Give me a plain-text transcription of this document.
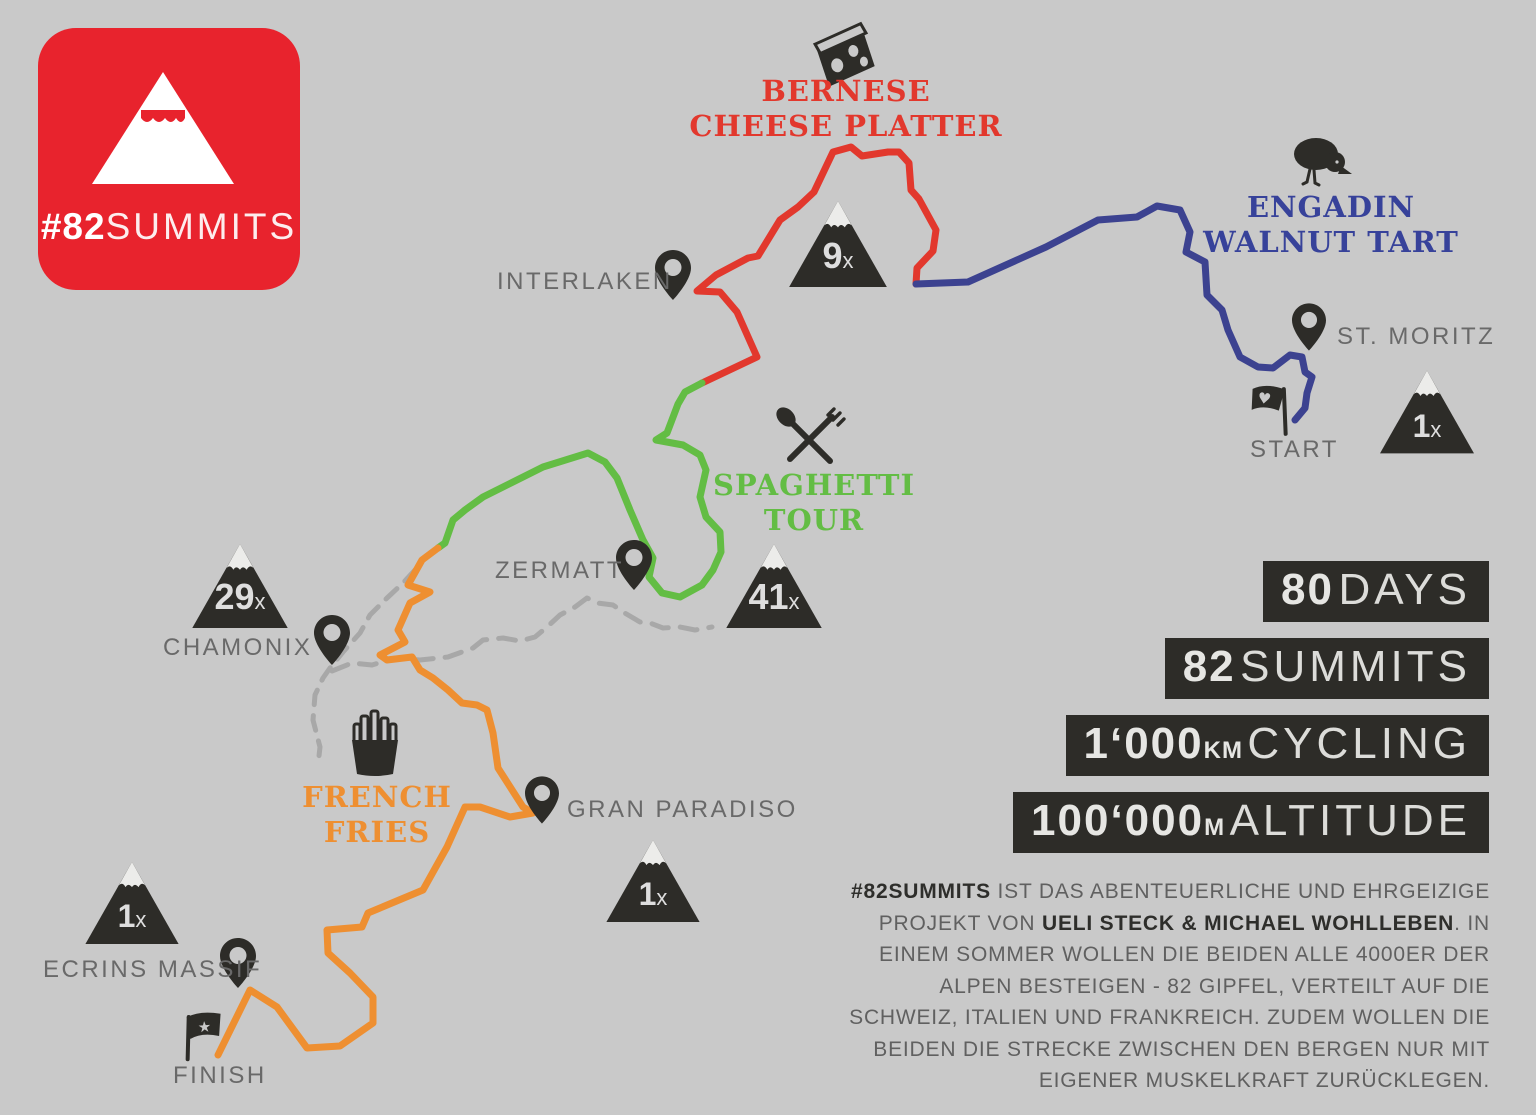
#82SUMMITS
BERNESE
CHEESE PLATTER
ENGADIN
WALNUT TART
SPAGHETTI
TOUR
FRENCH
FRIES
INTERLAKEN
ST. MORITZ
ZERMATT
CHAMONIX
GRAN PARADISO
ECRINS MASSIF
♥
START
★
FINISH
9x
1x
41x
29x
1x
1x
80 DAYS
82 SUMMITS
1‘000KM CYCLING
100‘000M ALTITUDE
#82SUMMITS IST DAS ABENTEUERLICHE UND EHRGEIZIGE PROJEKT VON UELI STECK & MICHAEL WOHLLEBEN. IN EINEM SOMMER WOLLEN DIE BEIDEN ALLE 4000ER DER ALPEN BESTEIGEN - 82 GIPFEL, VERTEILT AUF DIE SCHWEIZ, ITALIEN UND FRANKREICH. ZUDEM WOLLEN DIE BEIDEN DIE STRECKE ZWISCHEN DEN BERGEN NUR MIT EIGENER MUSKELKRAFT ZURÜCKLEGEN.
